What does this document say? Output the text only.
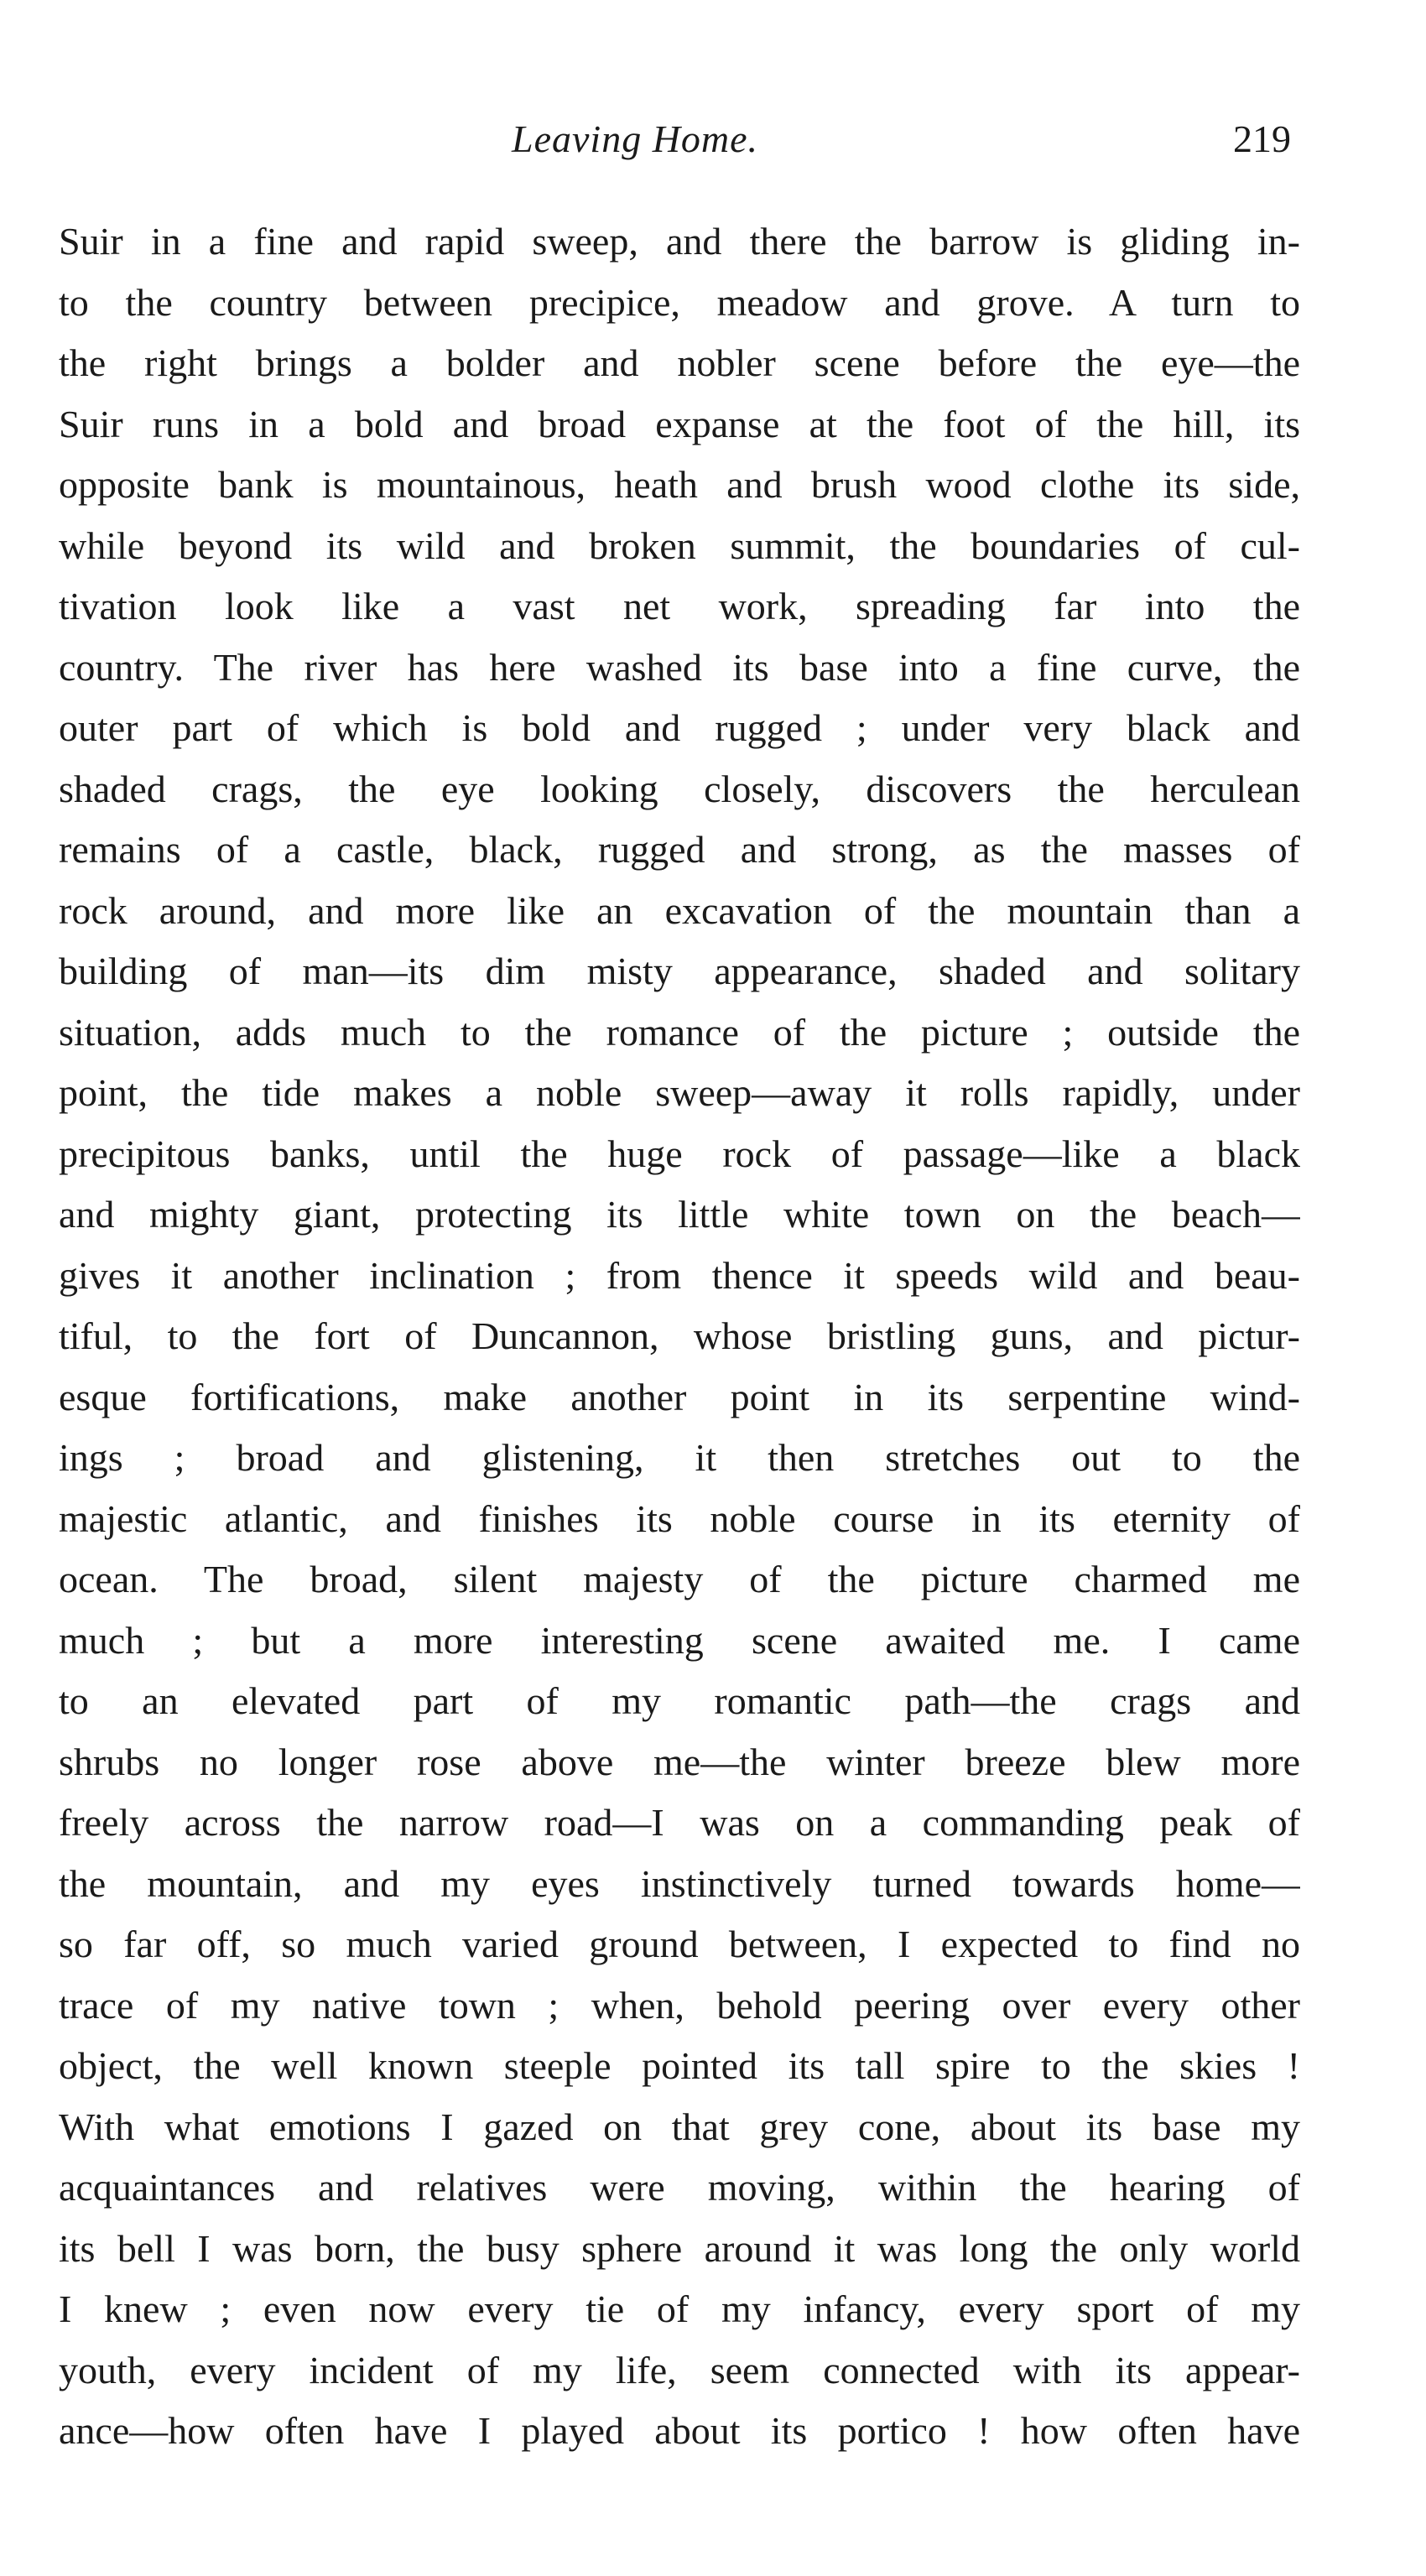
Leaving Home.	219
Suir in a fine and rapid sweep, and there the barrow is gliding in-
to the country between precipice, meadow and grove. A turn to
the right brings a bolder and nobler scene before the eye—the
Suir runs in a bold and broad expanse at the foot of the hill, its
opposite bank is mountainous, heath and brush wood clothe its side,
while beyond its wild and broken summit, the boundaries of cul-
tivation look like a vast net work, spreading far into the
country. The river has here washed its base into a fine curve, the
outer part of which is bold and rugged ; under very black and
shaded crags, the eye looking closely, discovers the herculean
remains of a castle, black, rugged and strong, as the masses of
rock around, and more like an excavation of the mountain than a
building of man—its dim misty appearance, shaded and solitary
situation, adds much to the romance of the picture ; outside the
point, the tide makes a noble sweep—away it rolls rapidly, under
precipitous banks, until the huge rock of passage—like a black
and mighty giant, protecting its little white town on the beach—
gives it another inclination ; from thence it speeds wild and beau-
tiful, to the fort of Duncannon, whose bristling guns, and pictur-
esque fortifications, make another point in its serpentine wind-
ings ; broad and glistening, it then stretches out to the
majestic atlantic, and finishes its noble course in its eternity of
ocean. The broad, silent majesty of the picture charmed me
much ; but a more interesting scene awaited me. I came
to an elevated part of my romantic path—the crags and
shrubs no longer rose above me—the winter breeze blew more
freely across the narrow road—I was on a commanding peak of
the mountain, and my eyes instinctively turned towards home—
so far off, so much varied ground between, I expected to find no
trace of my native town ; when, behold peering over every other
object, the well known steeple pointed its tall spire to the skies !
With what emotions I gazed on that grey cone, about its base my
acquaintances and relatives were moving, within the hearing of
its bell I was born, the busy sphere around it was long the only world
I knew ; even now every tie of my infancy, every sport of my
youth, every incident of my life, seem connected with its appear-
ance—how often have I played about its portico ! how often have
